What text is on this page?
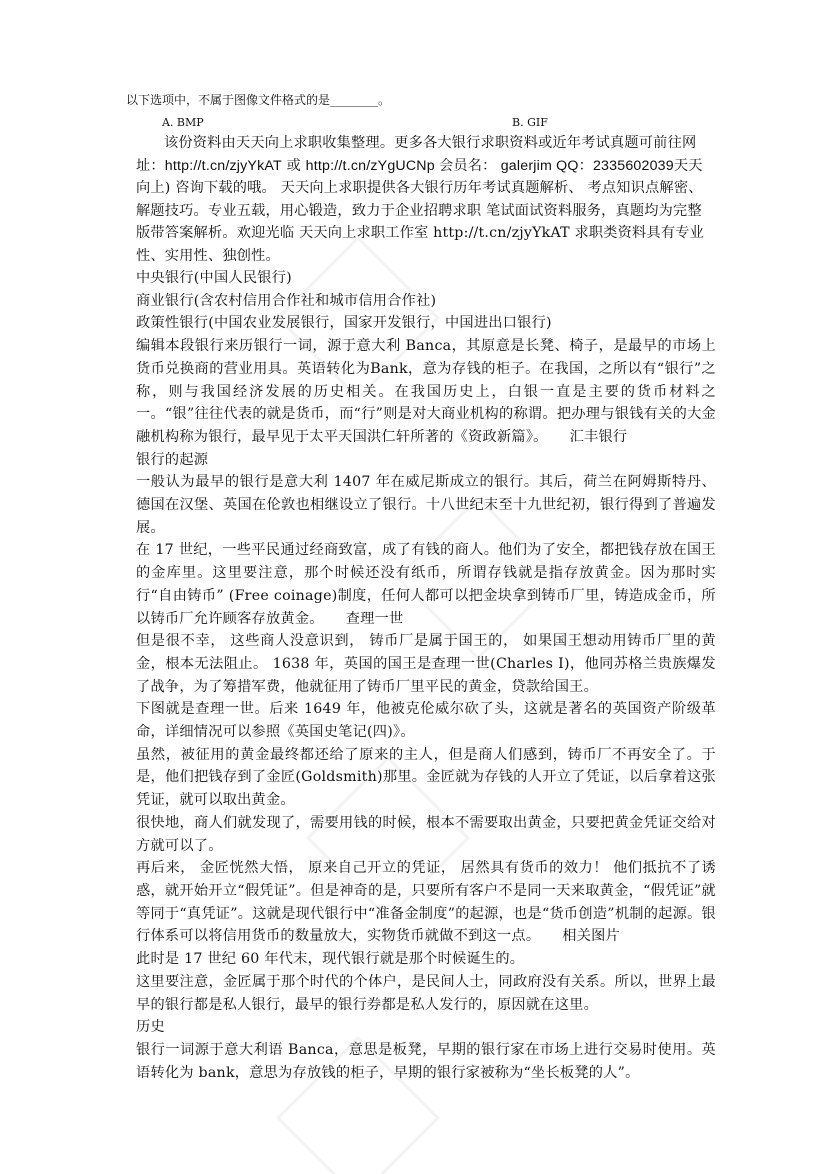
以下选项中，不属于图像文件格式的是________。
A. BMP	B. GIF

该份资料由天天向上求职收集整理。更多各大银行求职资料或近年考试真题可前往网址：http://t.cn/zjyYkAT 或 http://t.cn/zYgUCNp 会员名： galerjim QQ：2335602039天天向上) 咨询下载的哦。 天天向上求职提供各大银行历年考试真题解析、 考点知识点解密、解题技巧。专业五载，用心锻造，致力于企业招聘求职 笔试面试资料服务，真题均为完整版带答案解析。欢迎光临 天天向上求职工作室 http://t.cn/zjyYkAT 求职类资料具有专业性、实用性、独创性。

中央银行(中国人民银行)

商业银行(含农村信用合作社和城市信用合作社)

政策性银行(中国农业发展银行，国家开发银行，中国进出口银行)

编辑本段银行来历银行一词，源于意大利 Banca，其原意是长凳、椅子，是最早的市场上货币兑换商的营业用具。英语转化为Bank，意为存钱的柜子。在我国，之所以有“银行”之称，则与我国经济发展的历史相关。在我国历史上，白银一直是主要的货币材料之一。“银”往往代表的就是货币，而“行”则是对大商业机构的称谓。把办理与银钱有关的大金融机构称为银行，最早见于太平天国洪仁轩所著的《资政新篇》。 汇丰银行

银行的起源

一般认为最早的银行是意大利 1407 年在威尼斯成立的银行。其后，荷兰在阿姆斯特丹、德国在汉堡、英国在伦敦也相继设立了银行。十八世纪末至十九世纪初，银行得到了普遍发展。

在 17 世纪，一些平民通过经商致富，成了有钱的商人。他们为了安全，都把钱存放在国王的金库里。这里要注意，那个时候还没有纸币，所谓存钱就是指存放黄金。因为那时实行“自由铸币” (Free coinage)制度，任何人都可以把金块拿到铸币厂里，铸造成金币，所以铸币厂允许顾客存放黄金。 查理一世

但是很不幸， 这些商人没意识到， 铸币厂是属于国王的， 如果国王想动用铸币厂里的黄金，根本无法阻止。 1638 年，英国的国王是查理一世(Charles I)，他同苏格兰贵族爆发了战争，为了筹措军费，他就征用了铸币厂里平民的黄金，贷款给国王。

下图就是查理一世。后来 1649 年，他被克伦威尔砍了头，这就是著名的英国资产阶级革命，详细情况可以参照《英国史笔记(四)》。

虽然，被征用的黄金最终都还给了原来的主人，但是商人们感到，铸币厂不再安全了。于是，他们把钱存到了金匠(Goldsmith)那里。金匠就为存钱的人开立了凭证，以后拿着这张凭证，就可以取出黄金。

很快地，商人们就发现了，需要用钱的时候，根本不需要取出黄金，只要把黄金凭证交给对方就可以了。

再后来， 金匠恍然大悟， 原来自己开立的凭证， 居然具有货币的效力！ 他们抵抗不了诱惑，就开始开立“假凭证”。但是神奇的是，只要所有客户不是同一天来取黄金，“假凭证”就等同于“真凭证”。这就是现代银行中“准备金制度”的起源，也是“货币创造”机制的起源。银行体系可以将信用货币的数量放大，实物货币就做不到这一点。 相关图片

此时是 17 世纪 60 年代末，现代银行就是那个时候诞生的。

这里要注意，金匠属于那个时代的个体户，是民间人士，同政府没有关系。所以，世界上最早的银行都是私人银行，最早的银行券都是私人发行的，原因就在这里。

历史

银行一词源于意大利语 Banca，意思是板凳，早期的银行家在市场上进行交易时使用。英语转化为 bank，意思为存放钱的柜子，早期的银行家被称为“坐长板凳的人”。
